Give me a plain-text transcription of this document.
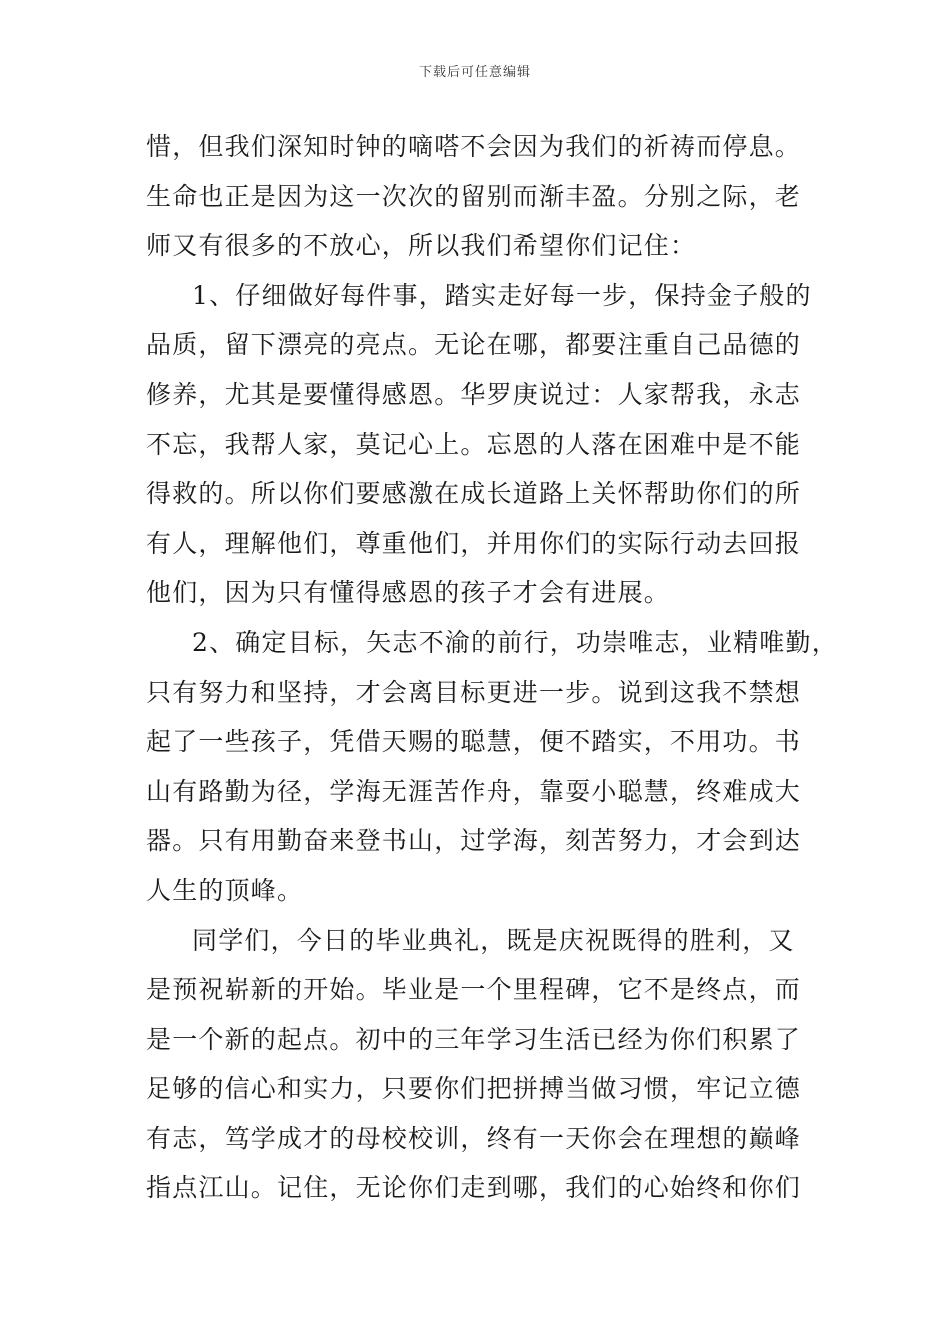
下载后可任意编辑
惜，但我们深知时钟的嘀嗒不会因为我们的祈祷而停息。
生命也正是因为这一次次的留别而渐丰盈。分别之际，老
师又有很多的不放心，所以我们希望你们记住：
1、仔细做好每件事，踏实走好每一步，保持金子般的
品质，留下漂亮的亮点。无论在哪，都要注重自己品德的
修养，尤其是要懂得感恩。华罗庚说过：人家帮我，永志
不忘，我帮人家，莫记心上。忘恩的人落在困难中是不能
得救的。所以你们要感激在成长道路上关怀帮助你们的所
有人，理解他们，尊重他们，并用你们的实际行动去回报
他们，因为只有懂得感恩的孩子才会有进展。
2、确定目标，矢志不渝的前行，功崇唯志，业精唯勤，
只有努力和坚持，才会离目标更进一步。说到这我不禁想
起了一些孩子，凭借天赐的聪慧，便不踏实，不用功。书
山有路勤为径，学海无涯苦作舟，靠耍小聪慧，终难成大
器。只有用勤奋来登书山，过学海，刻苦努力，才会到达
人生的顶峰。
同学们，今日的毕业典礼，既是庆祝既得的胜利，又
是预祝崭新的开始。毕业是一个里程碑，它不是终点，而
是一个新的起点。初中的三年学习生活已经为你们积累了
足够的信心和实力，只要你们把拼搏当做习惯，牢记立德
有志，笃学成才的母校校训，终有一天你会在理想的巅峰
指点江山。记住，无论你们走到哪，我们的心始终和你们
